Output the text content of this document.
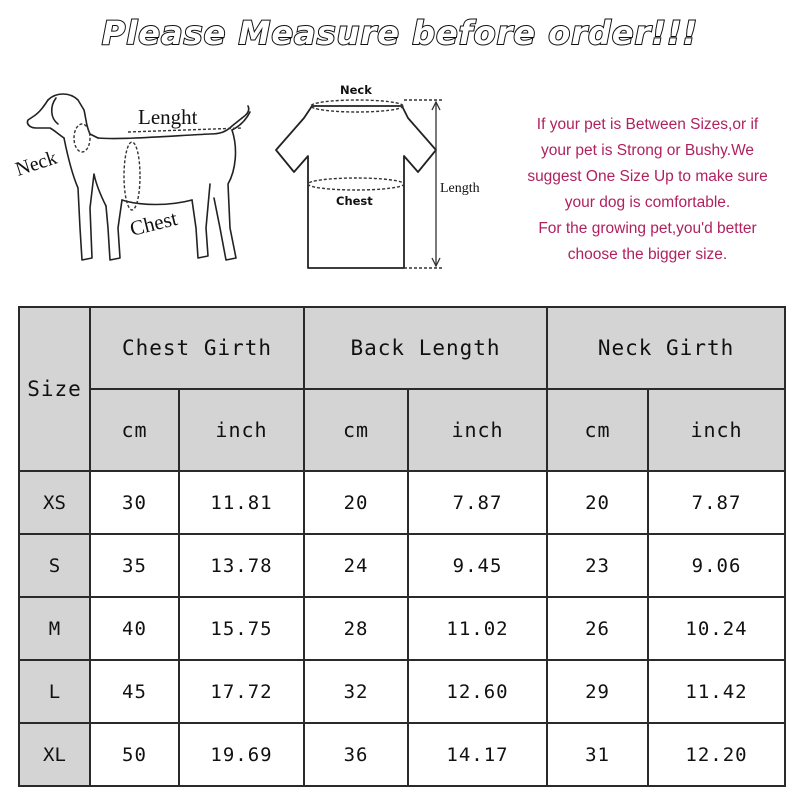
Please Measure before order!!!
Neck
Lenght
Chest
Neck
Chest
Length
If your pet is Between Sizes,or if
your pet is Strong or Bushy.We
suggest One Size Up to make sure
your dog is comfortable.
For the growing pet,you'd better
choose the bigger size.
Size	Chest Girth		Back Length		Neck Girth	
	cm	inch	cm	inch	cm	inch
XS	30	11.81	20	7.87	20	7.87
S	35	13.78	24	9.45	23	9.06
M	40	15.75	28	11.02	26	10.24
L	45	17.72	32	12.60	29	11.42
XL	50	19.69	36	14.17	31	12.20
